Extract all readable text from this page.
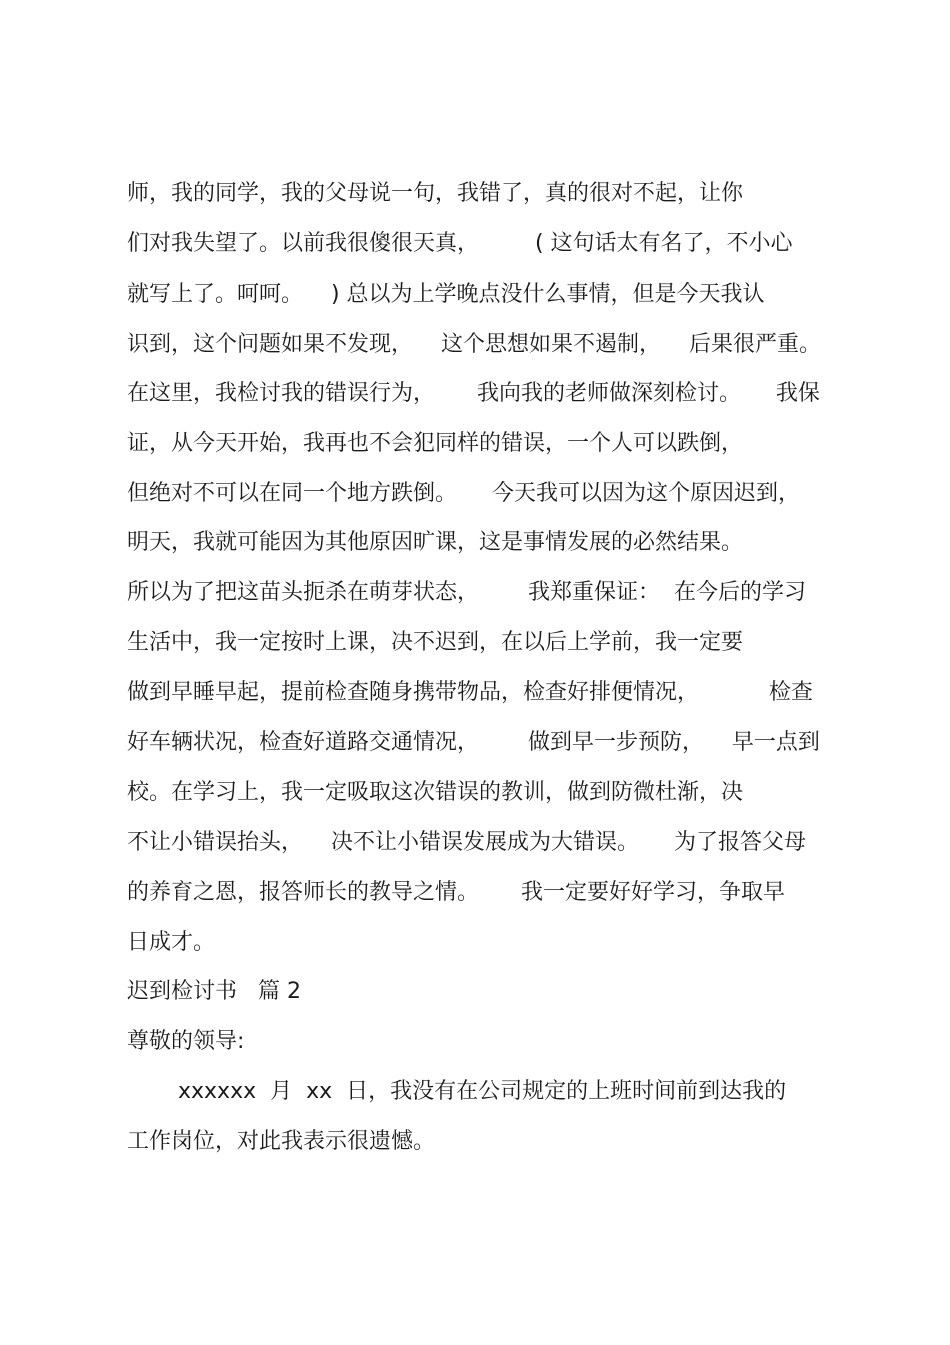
师，我的同学，我的父母说一句，我错了，真的很对不起，让你
们对我失望了。以前我很傻很天真，        ( 这句话太有名了，不小心
就写上了。呵呵。    ) 总以为上学晚点没什么事情，但是今天我认
识到，这个问题如果不发现，    这个思想如果不遏制，    后果很严重。
在这里，我检讨我的错误行为，      我向我的老师做深刻检讨。     我保
证，从今天开始，我再也不会犯同样的错误，一个人可以跌倒，
但绝对不可以在同一个地方跌倒。     今天我可以因为这个原因迟到，
明天，我就可能因为其他原因旷课，这是事情发展的必然结果。
所以为了把这苗头扼杀在萌芽状态，       我郑重保证：  在今后的学习
生活中，我一定按时上课，决不迟到，在以后上学前，我一定要
做到早睡早起，提前检查随身携带物品，检查好排便情况，          检查
好车辆状况，检查好道路交通情况，       做到早一步预防，    早一点到
校。在学习上，我一定吸取这次错误的教训，做到防微杜渐，决
不让小错误抬头，    决不让小错误发展成为大错误。     为了报答父母
的养育之恩，报答师长的教导之情。      我一定要好好学习，争取早
日成才。
迟到检讨书   篇 2
尊敬的领导:
xxxxxx  月  xx  日，我没有在公司规定的上班时间前到达我的
工作岗位，对此我表示很遗憾。
